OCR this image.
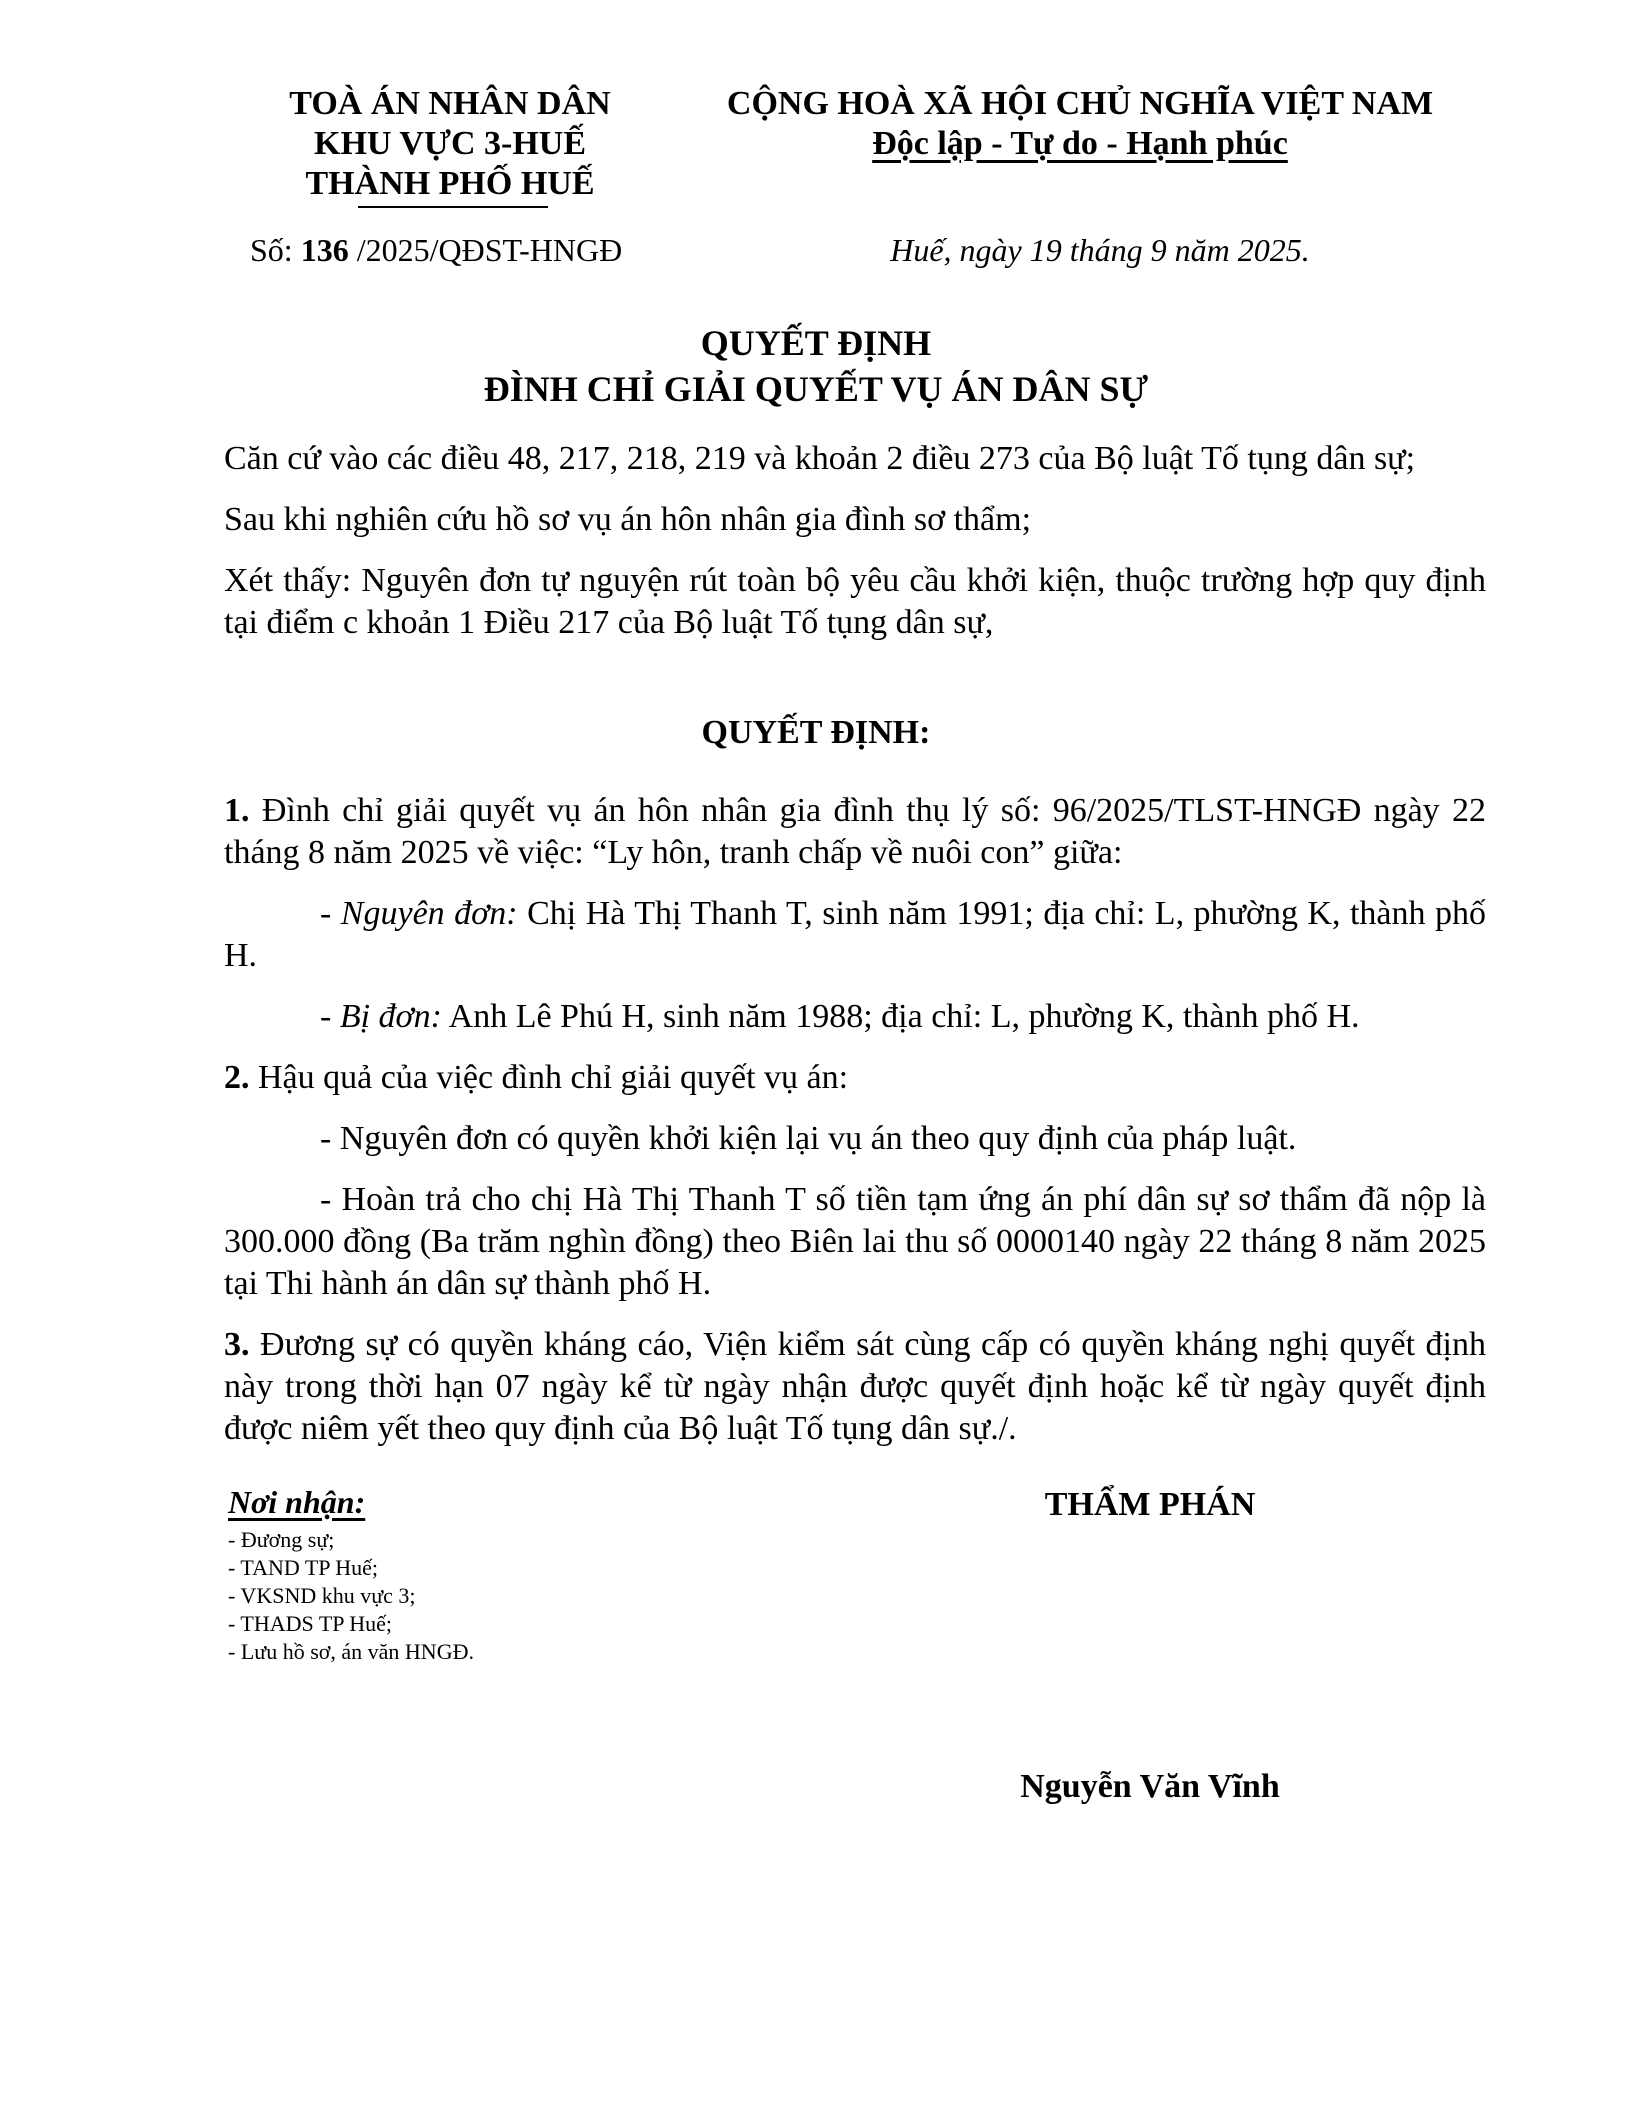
TOÀ ÁN NHÂN DÂN
KHU VỰC 3-HUẾ
THÀNH PHỐ HUẾ
CỘNG HOÀ XÃ HỘI CHỦ NGHĨA VIỆT NAM
Độc lập - Tự do - Hạnh phúc
Số: 136 /2025/QĐST-HNGĐ	Huế, ngày 19 tháng 9 năm 2025.
QUYẾT ĐỊNH
ĐÌNH CHỈ GIẢI QUYẾT VỤ ÁN DÂN SỰ

Căn cứ vào các điều 48, 217, 218, 219 và khoản 2 điều 273 của Bộ luật Tố tụng dân sự;

Sau khi nghiên cứu hồ sơ vụ án hôn nhân gia đình sơ thẩm;

Xét thấy: Nguyên đơn tự nguyện rút toàn bộ yêu cầu khởi kiện, thuộc trường hợp quy định tại điểm c khoản 1 Điều 217 của Bộ luật Tố tụng dân sự,

QUYẾT ĐỊNH:

1. Đình chỉ giải quyết vụ án hôn nhân gia đình thụ lý số: 96/2025/TLST-HNGĐ ngày 22 tháng 8 năm 2025 về việc: “Ly hôn, tranh chấp về nuôi con” giữa:

- Nguyên đơn: Chị Hà Thị Thanh T, sinh năm 1991; địa chỉ: L, phường K, thành phố H.

- Bị đơn: Anh Lê Phú H, sinh năm 1988; địa chỉ: L, phường K, thành phố H.

2. Hậu quả của việc đình chỉ giải quyết vụ án:

- Nguyên đơn có quyền khởi kiện lại vụ án theo quy định của pháp luật.

- Hoàn trả cho chị Hà Thị Thanh T số tiền tạm ứng án phí dân sự sơ thẩm đã nộp là 300.000 đồng (Ba trăm nghìn đồng) theo Biên lai thu số 0000140 ngày 22 tháng 8 năm 2025 tại Thi hành án dân sự thành phố H.

3. Đương sự có quyền kháng cáo, Viện kiểm sát cùng cấp có quyền kháng nghị quyết định này trong thời hạn 07 ngày kể từ ngày nhận được quyết định hoặc kể từ ngày quyết định được niêm yết theo quy định của Bộ luật Tố tụng dân sự./.

Nơi nhận:
- Đương sự;
- TAND TP Huế;
- VKSND khu vực 3;
- THADS TP Huế;
- Lưu hồ sơ, án văn HNGĐ.
THẨM PHÁN
Nguyễn Văn Vĩnh
